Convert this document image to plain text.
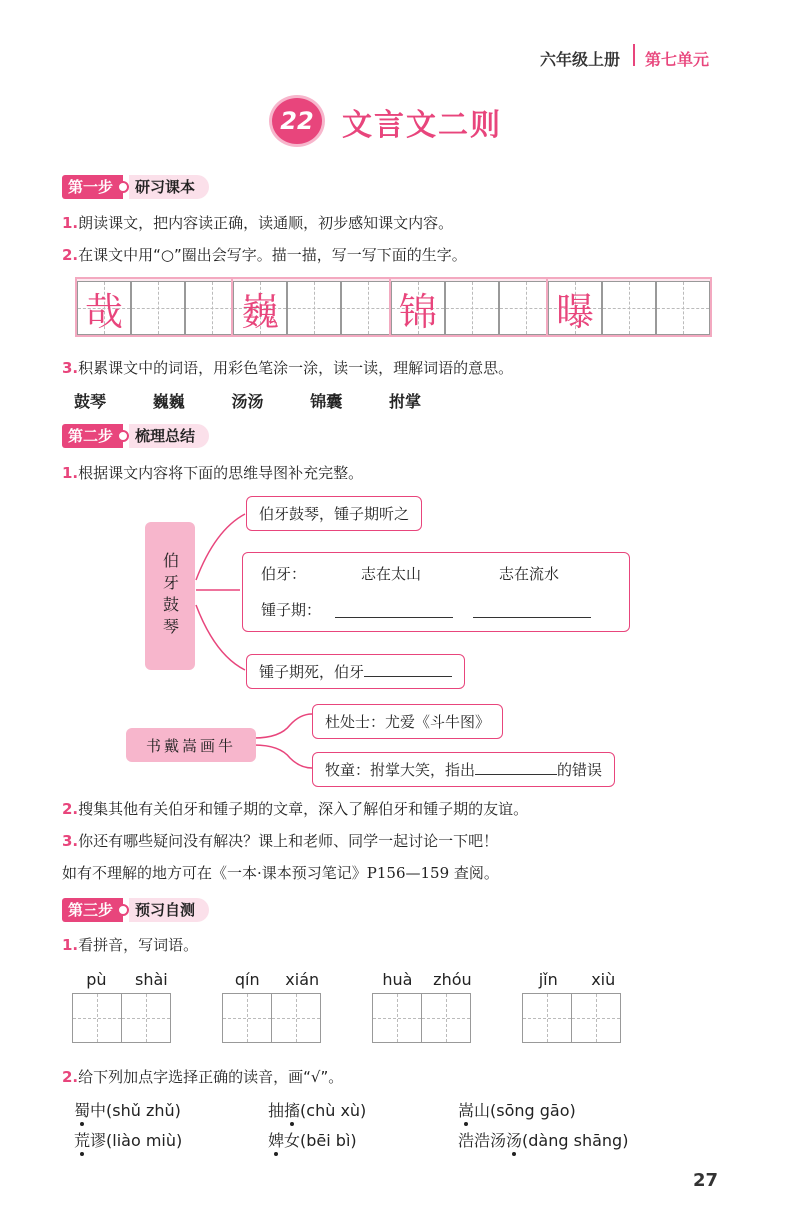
六年级上册 第七单元
22 文言文二则
第一步	研习课本
1.朗读课文，把内容读正确，读通顺，初步感知课文内容。
2.在课文中用“○”圈出会写字。描一描，写一写下面的生字。
哉	巍	锦	曝
3.积累课文中的词语，用彩色笔涂一涂，读一读，理解词语的意思。
鼓琴	巍巍	汤汤	锦囊	拊掌
第二步	梳理总结
1.根据课文内容将下面的思维导图补充完整。
伯牙鼓琴
伯牙鼓琴，锺子期听之
伯牙：	志在太山	志在流水
锺子期：
锺子期死，伯牙
书戴嵩画牛
杜处士：尤爱《斗牛图》
牧童：拊掌大笑，指出	的错误
2.搜集其他有关伯牙和锺子期的文章，深入了解伯牙和锺子期的友谊。
3.你还有哪些疑问没有解决？课上和老师、同学一起讨论一下吧！
如有不理解的地方可在《一本·课本预习笔记》P156—159 查阅。
第三步	预习自测
1.看拼音，写词语。
pù shài	qín xián	huà zhóu	jǐn xiù
2.给下列加点字选择正确的读音，画“√”。
蜀中(shǔ zhǔ)	抽搐(chù xù)	嵩山(sōng gāo)
荒谬(liào miù)	婢女(bēi bì)	浩浩汤汤(dàng shāng)
27
